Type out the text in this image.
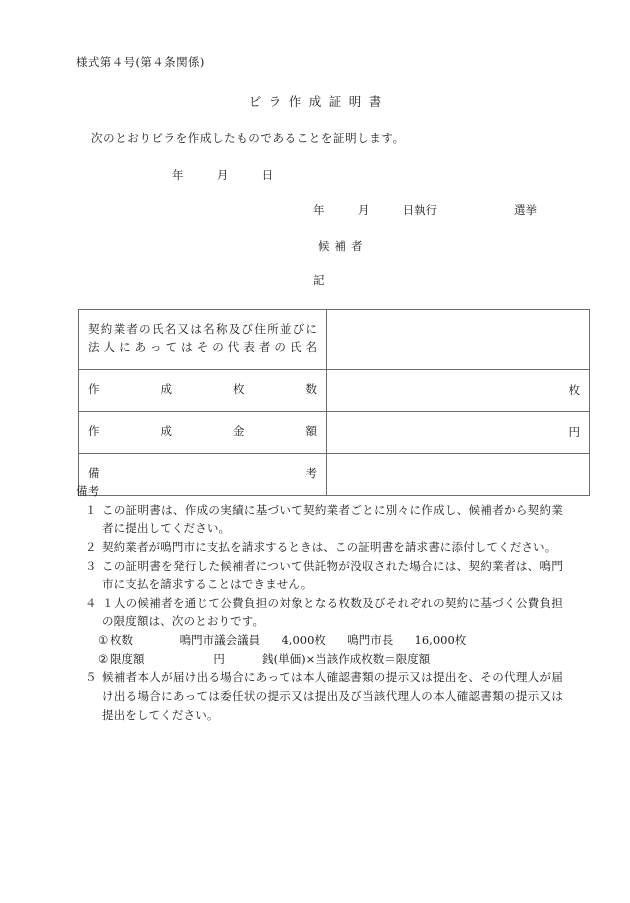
様式第４号(第４条関係)
ビラ作成証明書
次のとおりビラを作成したものであることを証明します。
年	月	日
年	月	日執行	選挙
候補者
記
契約業者の氏名又は名称及び住所並びに
法人にあってはその代表者の氏名	

作成枚数	枚

作成金額	円

備考	

備考
１ この証明書は、作成の実績に基づいて契約業者ごとに別々に作成し、候補者から契約業者に提出してください。
２ 契約業者が鳴門市に支払を請求するときは、この証明書を請求書に添付してください。
３ この証明書を発行した候補者について供託物が没収された場合には、契約業者は、鳴門市に支払を請求することはできません。
４ １人の候補者を通じて公費負担の対象となる枚数及びそれぞれの契約に基づく公費負担の限度額は、次のとおりです。
① 枚数	鳴門市議会議員 4,000枚 鳴門市長 16,000枚
② 限度額	円	銭(単価)×当該作成枚数＝限度額
５ 候補者本人が届け出る場合にあっては本人確認書類の提示又は提出を、その代理人が届け出る場合にあっては委任状の提示又は提出及び当該代理人の本人確認書類の提示又は提出をしてください。
